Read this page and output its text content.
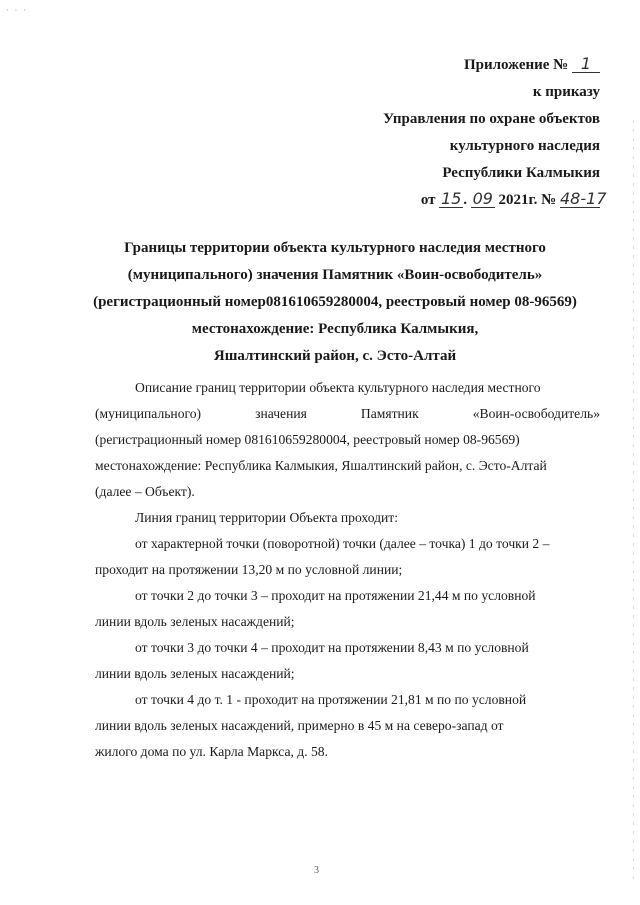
· · ·
Приложение № 1
к приказу
Управления по охране объектов
культурного наследия
Республики Калмыкия
от 15 . 09 2021г. № 48-17
Границы территории объекта культурного наследия местного
(муниципального) значения Памятник «Воин-освободитель»
(регистрационный номер081610659280004, реестровый номер 08-96569)
местонахождение: Республика Калмыкия,
Яшалтинский район, с. Эсто-Алтай
Описание границ территории объекта культурного наследия местного
(муниципального)	значения	Памятник	«Воин-освободитель»
(регистрационный номер 081610659280004, реестровый номер 08-96569)
местонахождение: Республика Калмыкия, Яшалтинский район, с. Эсто-Алтай
(далее – Объект).
Линия границ территории Объекта проходит:
от характерной точки (поворотной) точки (далее – точка) 1 до точки 2 –
проходит на протяжении 13,20 м по условной линии;
от точки 2 до точки 3 – проходит на протяжении 21,44 м по условной
линии вдоль зеленых насаждений;
от точки 3 до точки 4 – проходит на протяжении 8,43 м по условной
линии вдоль зеленых насаждений;
от точки 4 до т. 1 - проходит на протяжении 21,81 м по по условной
линии вдоль зеленых насаждений, примерно в 45 м на северо-запад от
жилого дома по ул. Карла Маркса, д. 58.
3
